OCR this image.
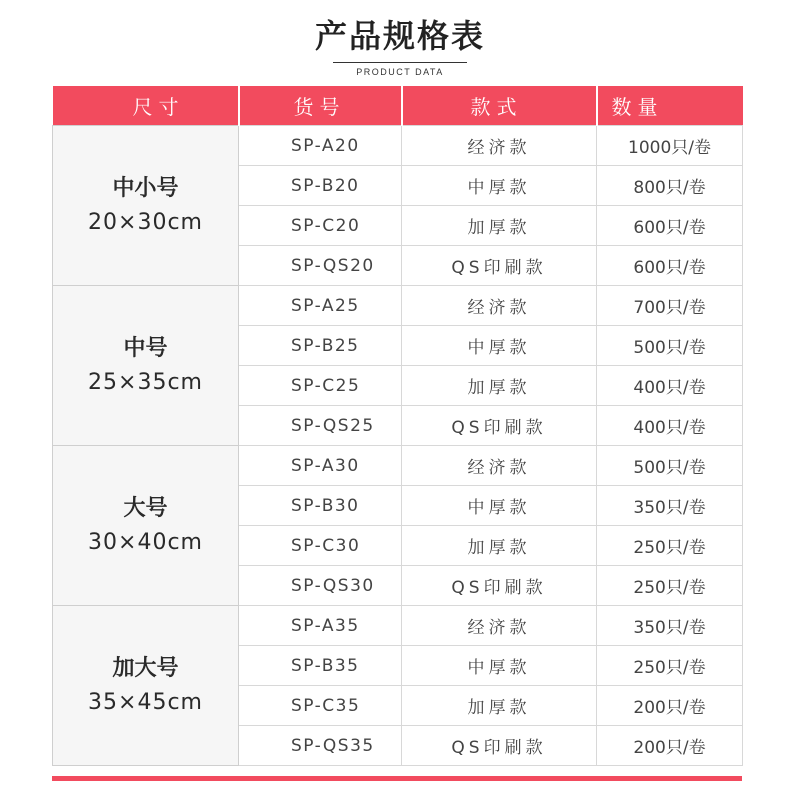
产品规格表
PRODUCT DATA
尺寸	货号	款式	数量

中小号
20×30cm	SP-A20	经济款	1000只/卷
	SP-B20	中厚款	800只/卷
	SP-C20	加厚款	600只/卷
	SP-QS20	QS印刷款	600只/卷

中号
25×35cm	SP-A25	经济款	700只/卷
	SP-B25	中厚款	500只/卷
	SP-C25	加厚款	400只/卷
	SP-QS25	QS印刷款	400只/卷

大号
30×40cm	SP-A30	经济款	500只/卷
	SP-B30	中厚款	350只/卷
	SP-C30	加厚款	250只/卷
	SP-QS30	QS印刷款	250只/卷

加大号
35×45cm	SP-A35	经济款	350只/卷
	SP-B35	中厚款	250只/卷
	SP-C35	加厚款	200只/卷
	SP-QS35	QS印刷款	200只/卷
